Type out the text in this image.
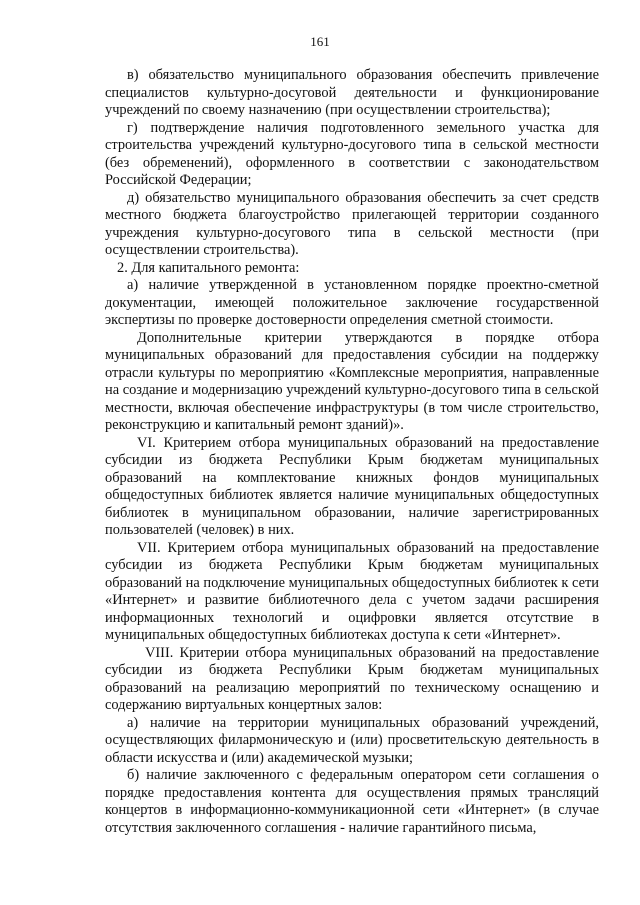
161

в) обязательство муниципального образования обеспечить привлечение специалистов культурно-досуговой деятельности и функционирование учреждений по своему назначению (при осуществлении строительства);

г) подтверждение наличия подготовленного земельного участка для строительства учреждений культурно-досугового типа в сельской местности (без обременений), оформленного в соответствии с законодательством Российской Федерации;

д) обязательство муниципального образования обеспечить за счет средств местного бюджета благоустройство прилегающей территории созданного учреждения культурно-досугового типа в сельской местности (при осуществлении строительства).

2. Для капитального ремонта:

а) наличие утвержденной в установленном порядке проектно-сметной документации, имеющей положительное заключение государственной экспертизы по проверке достоверности определения сметной стоимости.

Дополнительные критерии утверждаются в порядке отбора муниципальных образований для предоставления субсидии на поддержку отрасли культуры по мероприятию «Комплексные мероприятия, направленные на создание и модернизацию учреждений культурно-досугового типа в сельской местности, включая обеспечение инфраструктуры (в том числе строительство, реконструкцию и капитальный ремонт зданий)».

VI. Критерием отбора муниципальных образований на предоставление субсидии из бюджета Республики Крым бюджетам муниципальных образований на комплектование книжных фондов муниципальных общедоступных библиотек является наличие муниципальных общедоступных библиотек в муниципальном образовании, наличие зарегистрированных пользователей (человек) в них.

VII. Критерием отбора муниципальных образований на предоставление субсидии из бюджета Республики Крым бюджетам муниципальных образований на подключение муниципальных общедоступных библиотек к сети «Интернет» и развитие библиотечного дела с учетом задачи расширения информационных технологий и оцифровки является отсутствие в муниципальных общедоступных библиотеках доступа к сети «Интернет».

VIII. Критерии отбора муниципальных образований на предоставление субсидии из бюджета Республики Крым бюджетам муниципальных образований на реализацию мероприятий по техническому оснащению и содержанию виртуальных концертных залов:

а) наличие на территории муниципальных образований учреждений, осуществляющих филармоническую и (или) просветительскую деятельность в области искусства и (или) академической музыки;

б) наличие заключенного с федеральным оператором сети соглашения о порядке предоставления контента для осуществления прямых трансляций концертов в информационно-коммуникационной сети «Интернет» (в случае отсутствия заключенного соглашения - наличие гарантийного письма,
